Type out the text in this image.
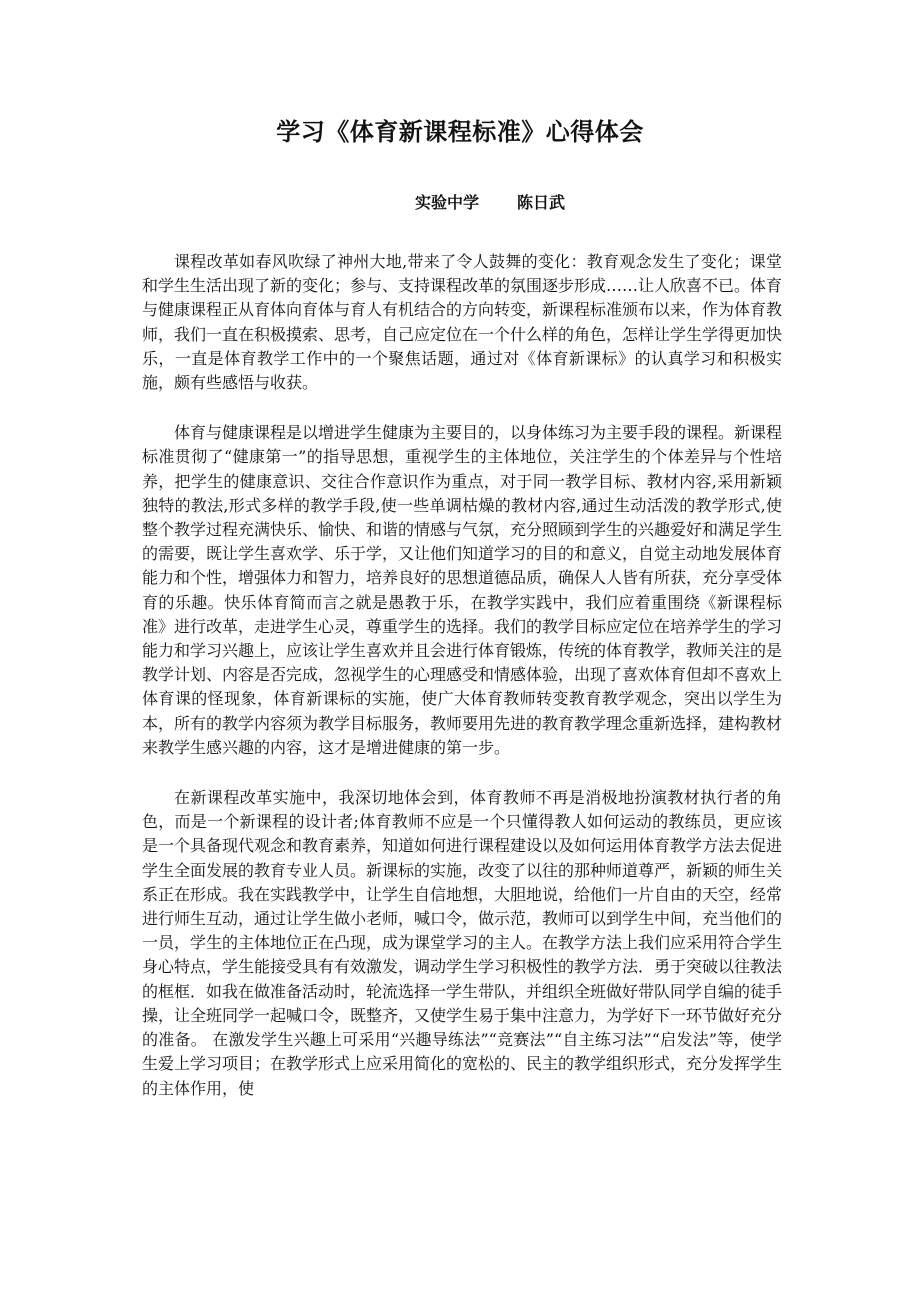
学习《体育新课程标准》心得体会
实验中学 陈日武

课程改革如春风吹绿了神州大地,带来了令人鼓舞的变化：教育观念发生了变化；课堂和学生生活出现了新的变化；参与、支持课程改革的氛围逐步形成……让人欣喜不已。体育与健康课程正从育体向育体与育人有机结合的方向转变，新课程标准颁布以来，作为体育教师，我们一直在积极摸索、思考，自己应定位在一个什么样的角色，怎样让学生学得更加快乐，一直是体育教学工作中的一个聚焦话题，通过对《体育新课标》的认真学习和积极实施，颇有些感悟与收获。

体育与健康课程是以增进学生健康为主要目的，以身体练习为主要手段的课程。新课程标准贯彻了“健康第一”的指导思想，重视学生的主体地位，关注学生的个体差异与个性培养，把学生的健康意识、交往合作意识作为重点，对于同一教学目标、教材内容,采用新颖独特的教法,形式多样的教学手段,使一些单调枯燥的教材内容,通过生动活泼的教学形式,使整个教学过程充满快乐、愉快、和谐的情感与气氛，充分照顾到学生的兴趣爱好和满足学生的需要，既让学生喜欢学、乐于学，又让他们知道学习的目的和意义，自觉主动地发展体育能力和个性，增强体力和智力，培养良好的思想道德品质，确保人人皆有所获，充分享受体育的乐趣。快乐体育简而言之就是愚教于乐，在教学实践中，我们应着重围绕《新课程标准》进行改革，走进学生心灵，尊重学生的选择。我们的教学目标应定位在培养学生的学习能力和学习兴趣上，应该让学生喜欢并且会进行体育锻炼，传统的体育教学，教师关注的是教学计划、内容是否完成，忽视学生的心理感受和情感体验，出现了喜欢体育但却不喜欢上体育课的怪现象，体育新课标的实施，使广大体育教师转变教育教学观念，突出以学生为本，所有的教学内容须为教学目标服务，教师要用先进的教育教学理念重新选择，建构教材来教学生感兴趣的内容，这才是增进健康的第一步。

在新课程改革实施中，我深切地体会到，体育教师不再是消极地扮演教材执行者的角色，而是一个新课程的设计者;体育教师不应是一个只懂得教人如何运动的教练员，更应该是一个具备现代观念和教育素养，知道如何进行课程建设以及如何运用体育教学方法去促进学生全面发展的教育专业人员。新课标的实施，改变了以往的那种师道尊严，新颖的师生关系正在形成。我在实践教学中，让学生自信地想，大胆地说，给他们一片自由的天空，经常进行师生互动，通过让学生做小老师，喊口令，做示范，教师可以到学生中间，充当他们的一员，学生的主体地位正在凸现，成为课堂学习的主人。在教学方法上我们应采用符合学生身心特点，学生能接受具有有效激发，调动学生学习积极性的教学方法．勇于突破以往教法的框框．如我在做准备活动时，轮流选择一学生带队，并组织全班做好带队同学自编的徒手操，让全班同学一起喊口令，既整齐，又使学生易于集中注意力，为学好下一环节做好充分的准备。 在激发学生兴趣上可采用“兴趣导练法”“竞赛法”“自主练习法”“启发法”等，使学生爱上学习项目；在教学形式上应采用简化的宽松的、民主的教学组织形式，充分发挥学生的主体作用，使
